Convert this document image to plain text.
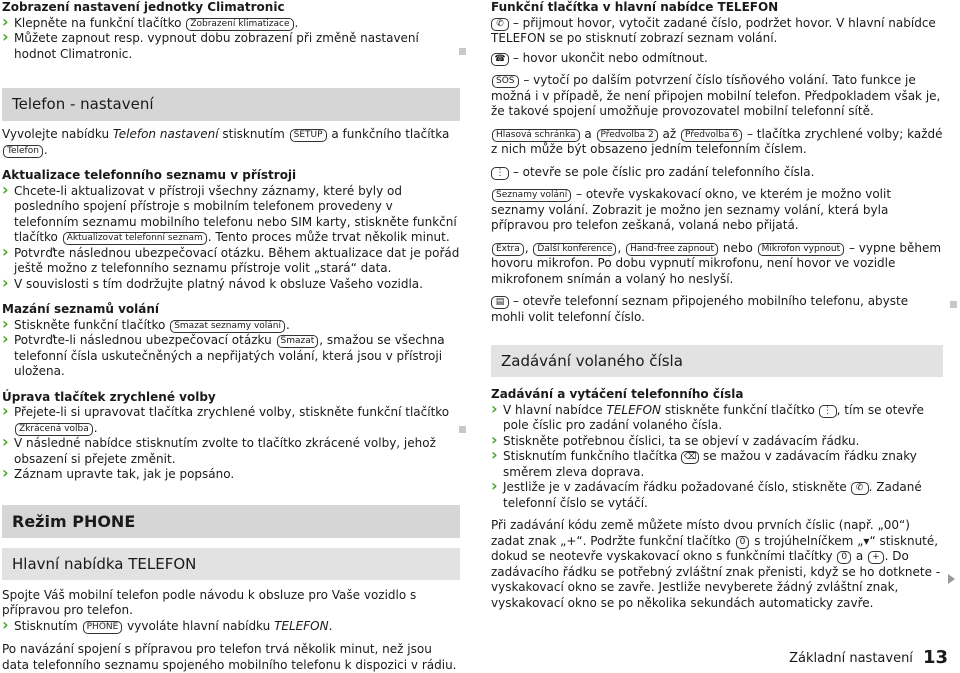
Zobrazení nastavení jednotky Climatronic

› Klepněte na funkční tlačítko Zobrazení klimatizace .

› Můžete zapnout resp. vypnout dobu zobrazení při změně nastavení hodnot Climatronic.

Telefon - nastavení

Vyvolejte nabídku Telefon nastavení stisknutím SETUP a funkčního tlačítka Telefon .

Aktualizace telefonního seznamu v přístroji

› Chcete-li aktualizovat v přístroji všechny záznamy, které byly od posledního spojení přístroje s mobilním telefonem provedeny v telefonním seznamu mobilního telefonu nebo SIM karty, stiskněte funkční tlačítko Aktualizovat telefonní seznam . Tento proces může trvat několik minut.

› Potvrďte následnou ubezpečovací otázku. Během aktualizace dat je pořád ještě možno z telefonního seznamu přístroje volit „stará“ data.

› V souvislosti s tím dodržujte platný návod k obsluze Vašeho vozidla.

Mazání seznamů volání

› Stiskněte funkční tlačítko Smazat seznamy volání .

› Potvrďte-li následnou ubezpečovací otázku Smazat , smažou se všechna telefonní čísla uskutečněných a nepřijatých volání, která jsou v přístroji uložena.

Úprava tlačítek zrychlené volby

› Přejete-li si upravovat tlačítka zrychlené volby, stiskněte funkční tlačítko Zkrácená volba .

› V následné nabídce stisknutím zvolte to tlačítko zkrácené volby, jehož obsazení si přejete změnit.

› Záznam upravte tak, jak je popsáno.

Režim PHONE
Hlavní nabídka TELEFON

Spojte Váš mobilní telefon podle návodu k obsluze pro Vaše vozidlo s přípravou pro telefon.

› Stisknutím PHONE vyvoláte hlavní nabídku TELEFON.

Po navázání spojení s přípravou pro telefon trvá několik minut, než jsou data telefonního seznamu spojeného mobilního telefonu k dispozici v rádiu.

Funkční tlačítka v hlavní nabídce TELEFON

✆ – přijmout hovor, vytočit zadané číslo, podržet hovor. V hlavní nabídce TELEFON se po stisknutí zobrazí seznam volání.

☎ – hovor ukončit nebo odmítnout.

SOS – vytočí po dalším potvrzení číslo tísňového volání. Tato funkce je možná i v případě, že není připojen mobilní telefon. Předpokladem však je, že takové spojení umožňuje provozovatel mobilní telefonní sítě.

Hlasová schránka a Předvolba 2 až Předvolba 6 – tlačítka zrychlené volby; každé z nich může být obsazeno jedním telefonním číslem.

⋮ – otevře se pole číslic pro zadání telefonního čísla.

Seznamy volání – otevře vyskakovací okno, ve kterém je možno volit seznamy volání. Zobrazit je možno jen seznamy volání, která byla přípravou pro telefon zeškaná, volaná nebo přijatá.

Extra , Další konference , Hand-free zapnout nebo Mikrofon vypnout – vypne během hovoru mikrofon. Po dobu vypnutí mikrofonu, není hovor ve vozidle mikrofonem snímán a volaný ho neslyší.

▤ – otevře telefonní seznam připojeného mobilního telefonu, abyste mohli volit telefonní číslo.

Zadávání volaného čísla

Zadávání a vytáčení telefonního čísla

› V hlavní nabídce TELEFON stiskněte funkční tlačítko ⋮ , tím se otevře pole číslic pro zadání volaného čísla.

› Stiskněte potřebnou číslici, ta se objeví v zadávacím řádku.

› Stisknutím funkčního tlačítka ⌫ se mažou v zadávacím řádku znaky směrem zleva doprava.

› Jestliže je v zadávacím řádku požadované číslo, stiskněte ✆ . Zadané telefonní číslo se vytáčí.

Při zadávání kódu země můžete místo dvou prvních číslic (např. „00“) zadat znak „+“. Podržte funkční tlačítko 0 s trojúhelníčkem „▾“ stisknuté, dokud se neotevře vyskakovací okno s funkčními tlačítky 0 a + . Do zadávacího řádku se potřebný zvláštní znak přenisti, když se ho dotknete - vyskakovací okno se zavře. Jestliže nevyberete žádný zvláštní znak, vyskakovací okno se po několika sekundách automaticky zavře.

Základní nastavení 13
